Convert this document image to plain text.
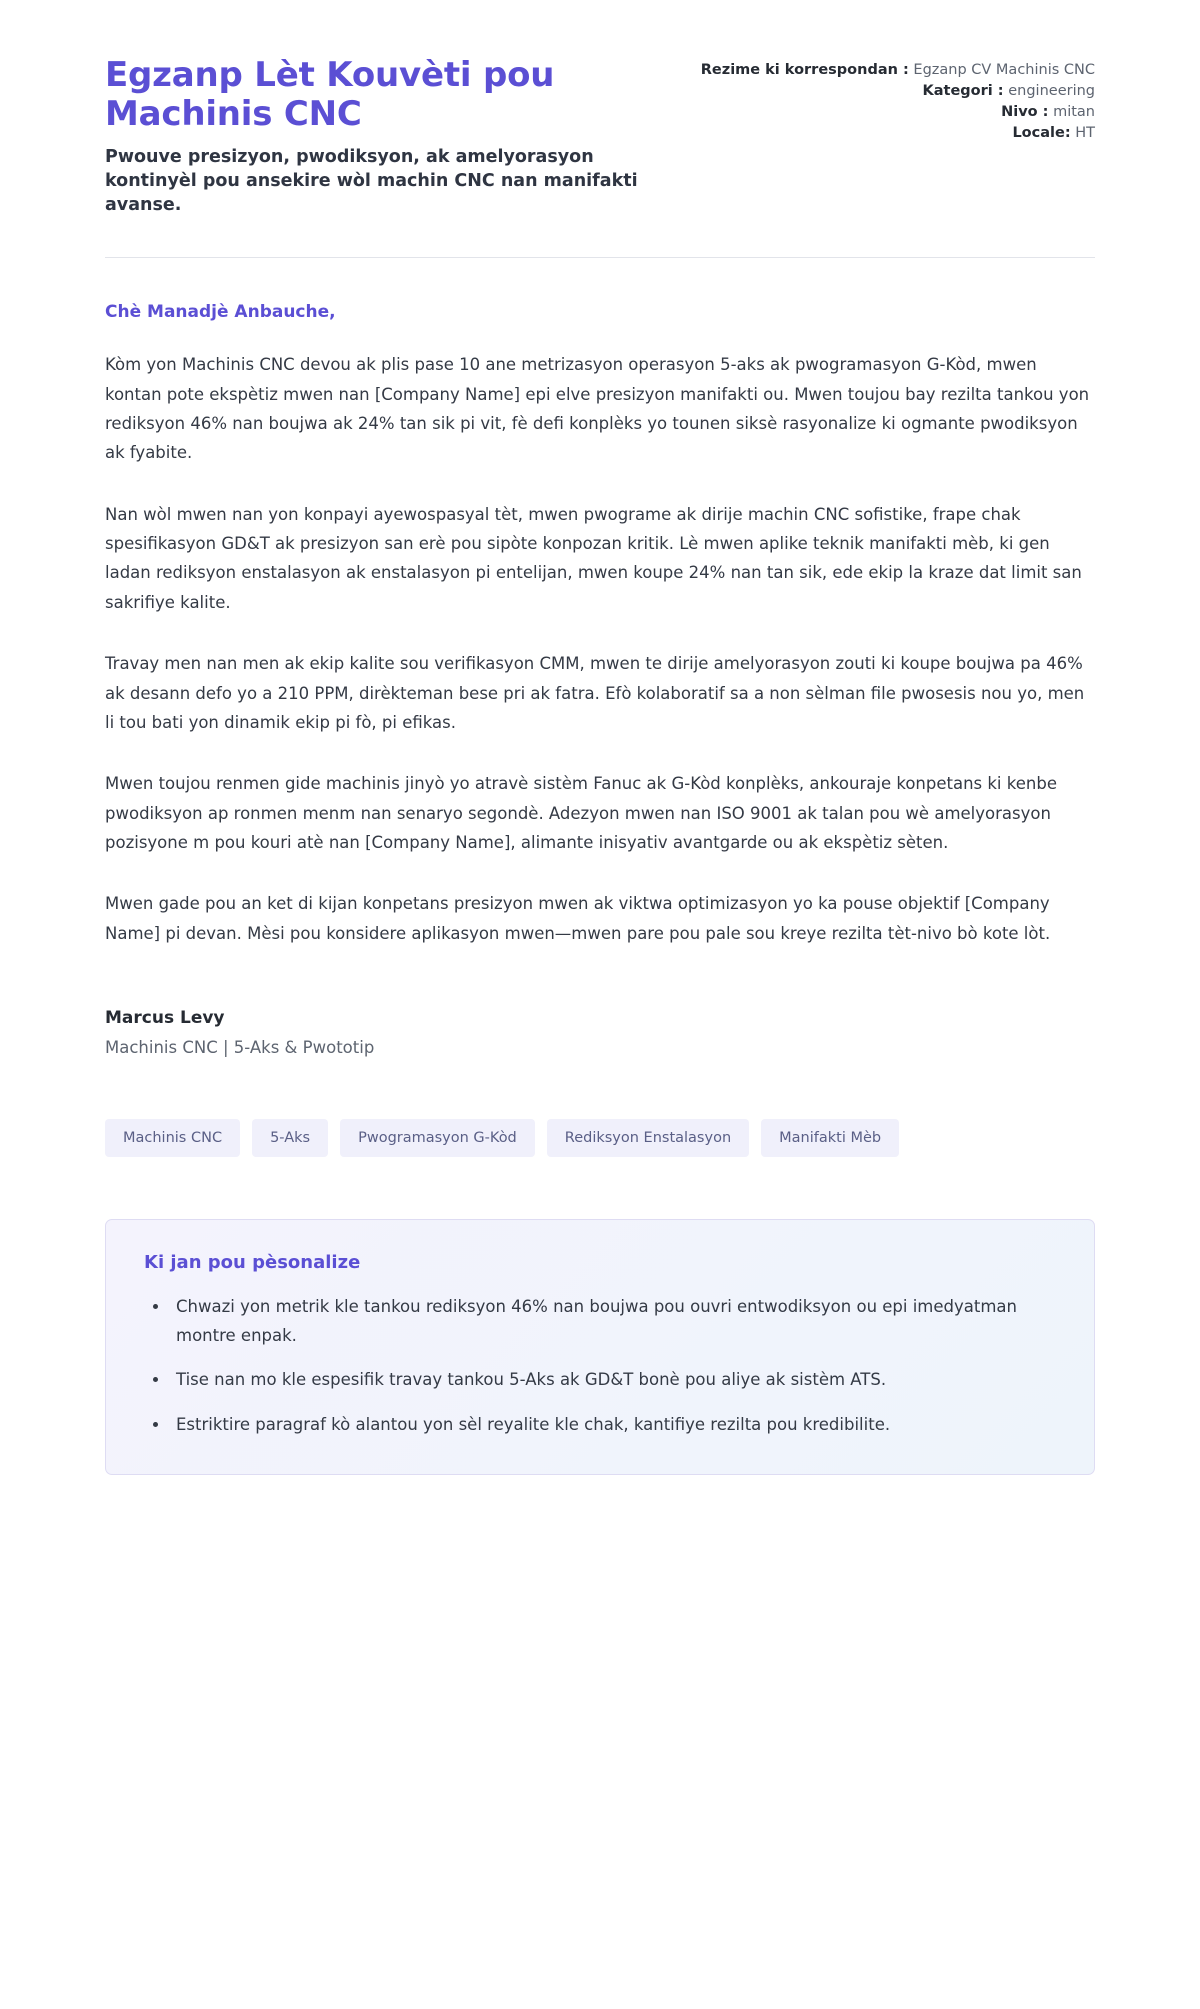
Egzanp Lèt Kouvèti pou Machinis CNC

Pwouve presizyon, pwodiksyon, ak amelyorasyon kontinyèl pou ansekire wòl machin CNC nan manifakti avanse.

Rezime ki korrespondan : Egzanp CV Machinis CNC
Kategori : engineering
Nivo : mitan
Locale: HT

Chè Manadjè Anbauche,

Kòm yon Machinis CNC devou ak plis pase 10 ane metrizasyon operasyon 5-aks ak pwogramasyon G-Kòd, mwen kontan pote ekspètiz mwen nan [Company Name] epi elve presizyon manifakti ou. Mwen toujou bay rezilta tankou yon rediksyon 46% nan boujwa ak 24% tan sik pi vit, fè defi konplèks yo tounen siksè rasyonalize ki ogmante pwodiksyon ak fyabite.

Nan wòl mwen nan yon konpayi ayewospasyal tèt, mwen pwograme ak dirije machin CNC sofistike, frape chak spesifikasyon GD&T ak presizyon san erè pou sipòte konpozan kritik. Lè mwen aplike teknik manifakti mèb, ki gen ladan rediksyon enstalasyon ak enstalasyon pi entelijan, mwen koupe 24% nan tan sik, ede ekip la kraze dat limit san sakrifiye kalite.

Travay men nan men ak ekip kalite sou verifikasyon CMM, mwen te dirije amelyorasyon zouti ki koupe boujwa pa 46% ak desann defo yo a 210 PPM, dirèkteman bese pri ak fatra. Efò kolaboratif sa a non sèlman file pwosesis nou yo, men li tou bati yon dinamik ekip pi fò, pi efikas.

Mwen toujou renmen gide machinis jinyò yo atravè sistèm Fanuc ak G-Kòd konplèks, ankouraje konpetans ki kenbe pwodiksyon ap ronmen menm nan senaryo segondè. Adezyon mwen nan ISO 9001 ak talan pou wè amelyorasyon pozisyone m pou kouri atè nan [Company Name], alimante inisyativ avantgarde ou ak ekspètiz sèten.

Mwen gade pou an ket di kijan konpetans presizyon mwen ak viktwa optimizasyon yo ka pouse objektif [Company Name] pi devan. Mèsi pou konsidere aplikasyon mwen—mwen pare pou pale sou kreye rezilta tèt-nivo bò kote lòt.

Marcus Levy

Machinis CNC | 5-Aks & Pwototip

Machinis CNC	5-Aks	Pwogramasyon G-Kòd	Rediksyon Enstalasyon	Manifakti Mèb
Ki jan pou pèsonalize
• Chwazi yon metrik kle tankou rediksyon 46% nan boujwa pou ouvri entwodiksyon ou epi imedyatman montre enpak.
• Tise nan mo kle espesifik travay tankou 5-Aks ak GD&T bonè pou aliye ak sistèm ATS.
• Estriktire paragraf kò alantou yon sèl reyalite kle chak, kantifiye rezilta pou kredibilite.
